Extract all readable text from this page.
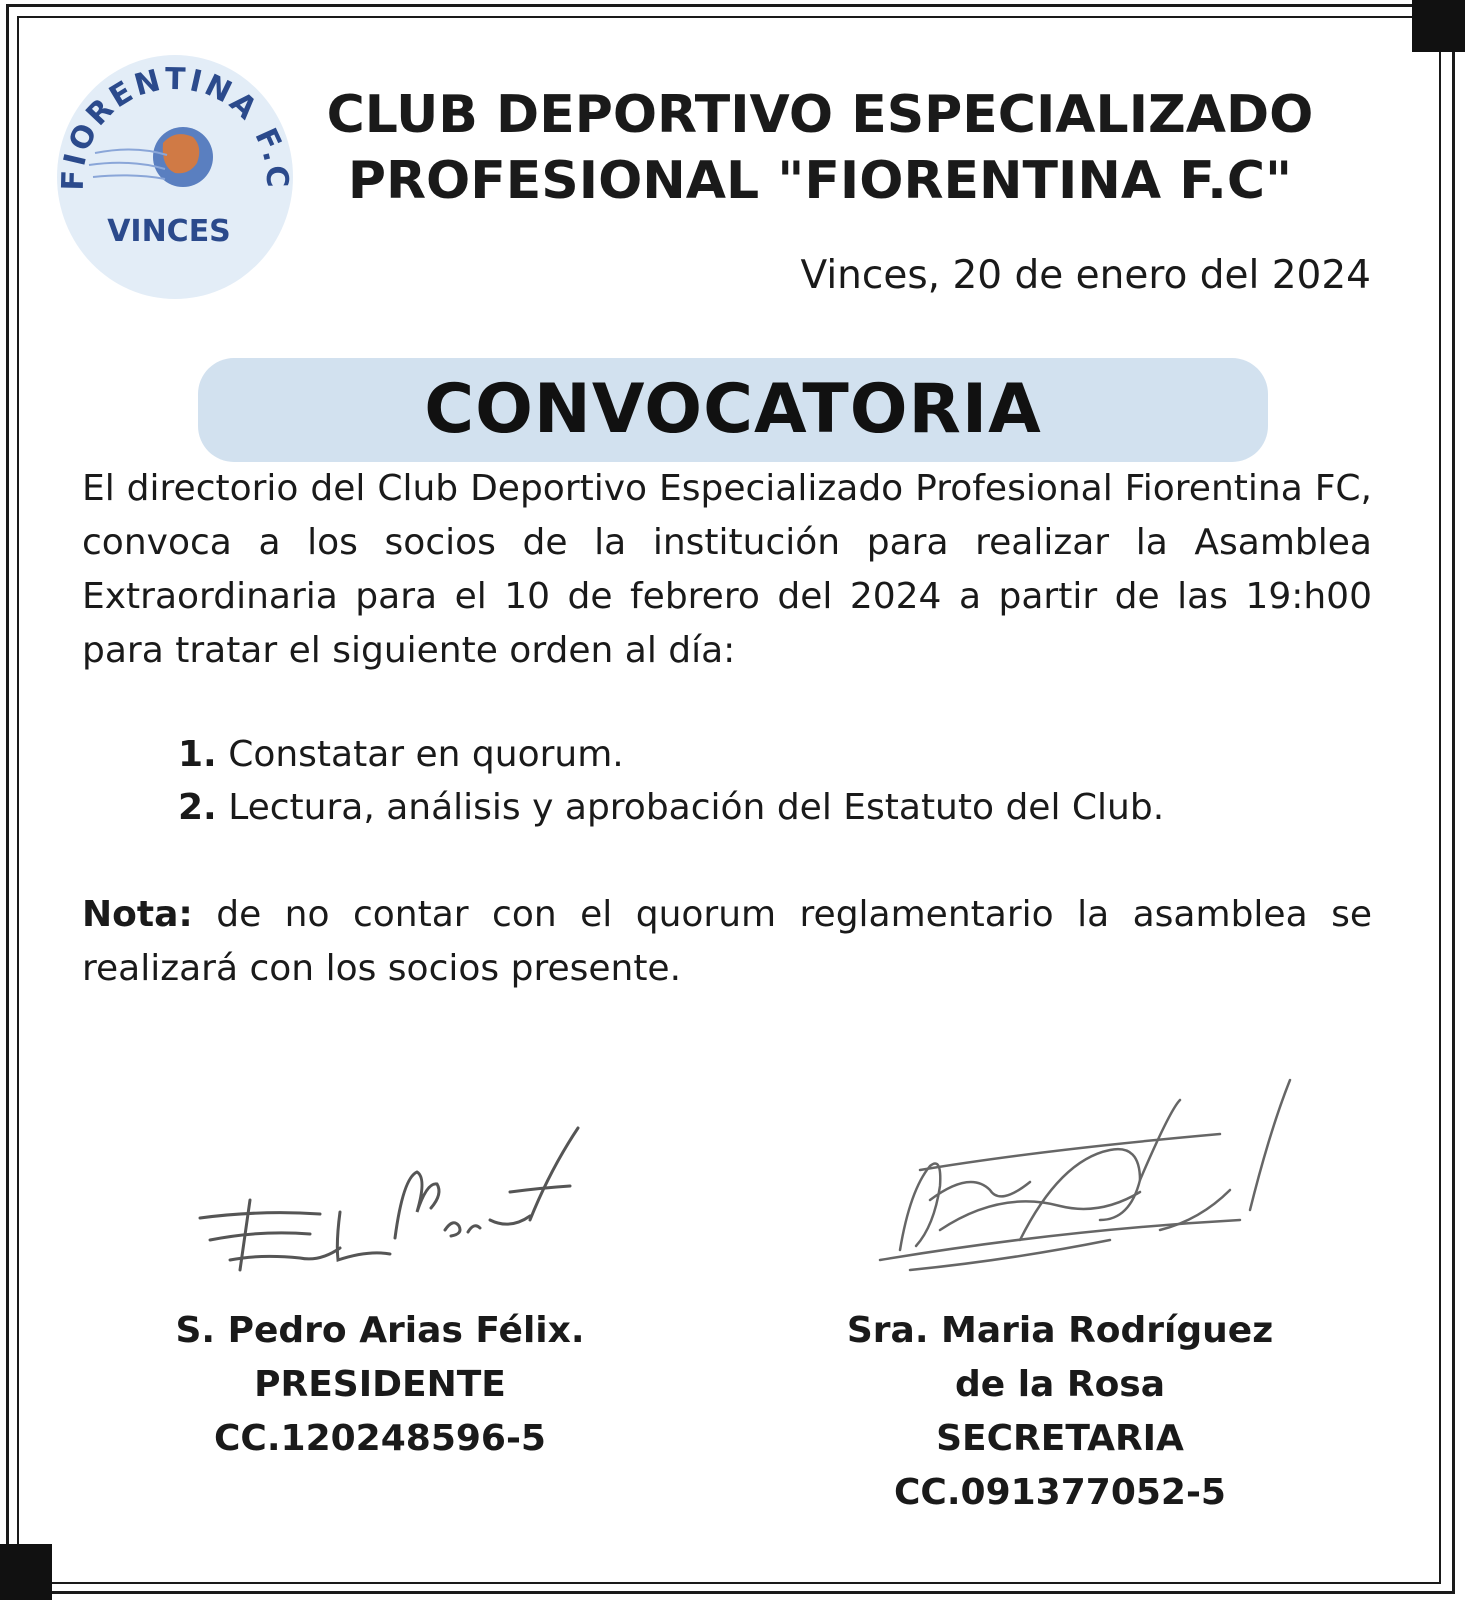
FIORENTINA F.C
VINCES
CLUB DEPORTIVO ESPECIALIZADO
PROFESIONAL "FIORENTINA F.C"
Vinces, 20 de enero del 2024
CONVOCATORIA
El directorio del Club Deportivo Especializado Profesional Fiorentina FC, convoca a los socios de la institución para realizar la Asamblea Extraordinaria para el 10 de febrero del 2024 a partir de las 19:h00 para tratar el siguiente orden al día:
1. Constatar en quorum.
2. Lectura, análisis y aprobación del Estatuto del Club.
Nota: de no contar con el quorum reglamentario la asamblea se realizará con los socios presente.
S. Pedro Arias Félix.
PRESIDENTE
CC.120248596-5
Sra. Maria Rodríguez
de la Rosa
SECRETARIA
CC.091377052-5
